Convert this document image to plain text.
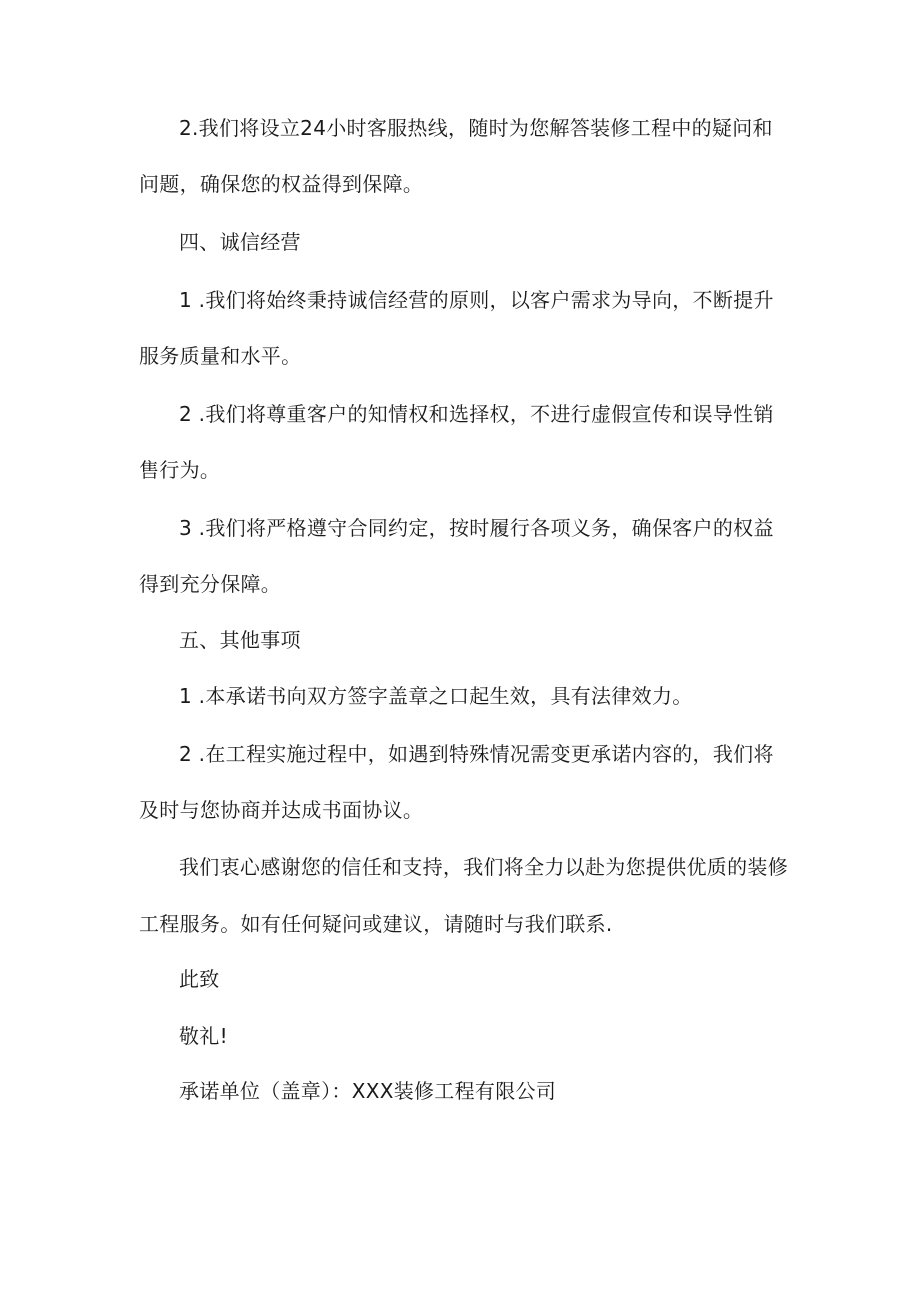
2.我们将设立24小时客服热线，随时为您解答装修工程中的疑问和
问题，确保您的权益得到保障。
四、诚信经营
1 .我们将始终秉持诚信经营的原则，以客户需求为导向，不断提升
服务质量和水平。
2 .我们将尊重客户的知情权和选择权，不进行虚假宣传和误导性销
售行为。
3 .我们将严格遵守合同约定，按时履行各项义务，确保客户的权益
得到充分保障。
五、其他事项
1 .本承诺书向双方签字盖章之口起生效，具有法律效力。
2 .在工程实施过程中，如遇到特殊情况需变更承诺内容的，我们将
及时与您协商并达成书面协议。
我们衷心感谢您的信任和支持，我们将全力以赴为您提供优质的装修
工程服务。如有任何疑问或建议，请随时与我们联系.
此致
敬礼!
承诺单位（盖章）：XXX装修工程有限公司
